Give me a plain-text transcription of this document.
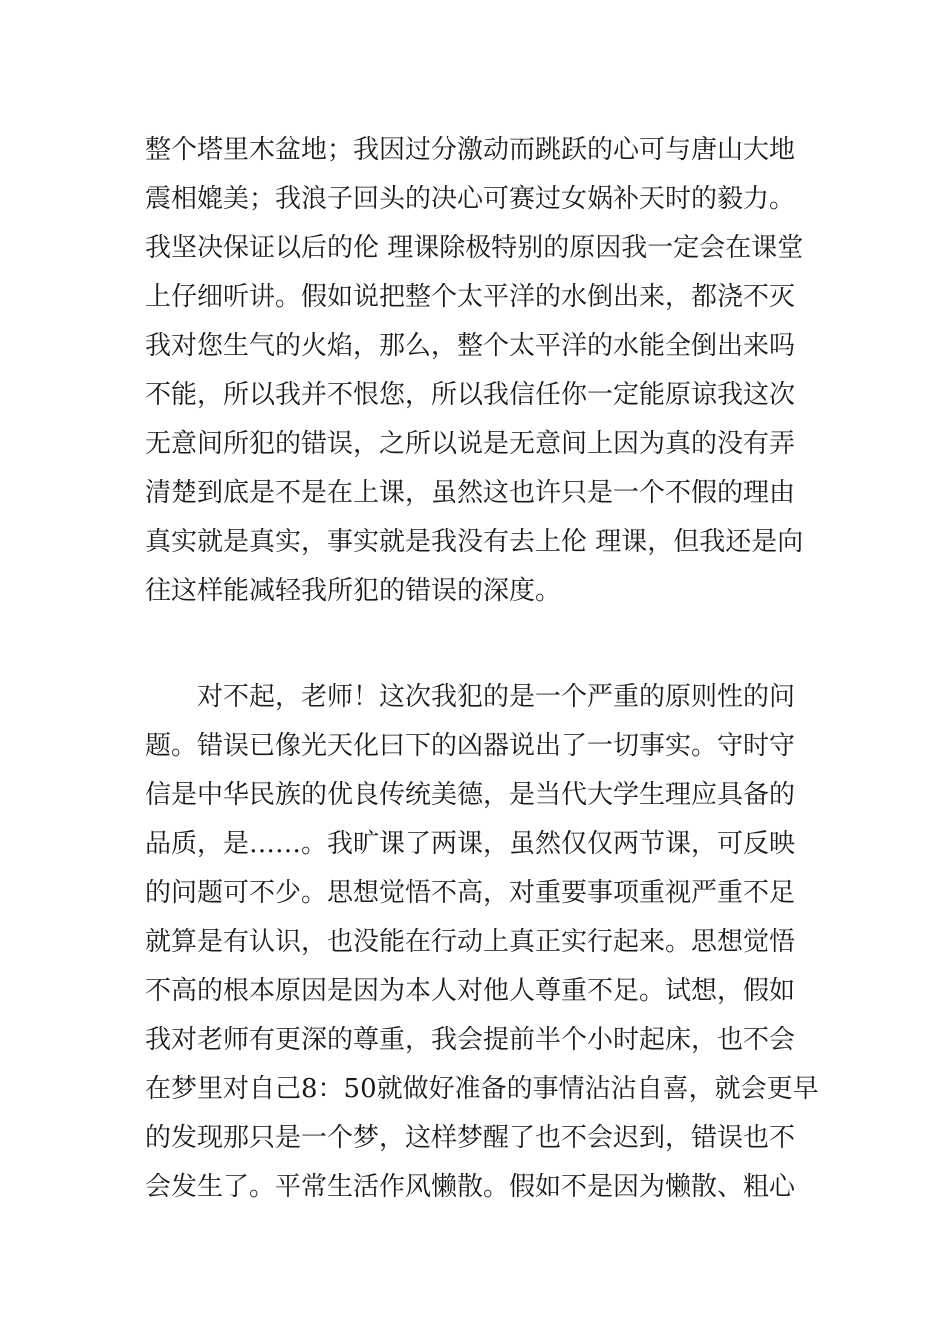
整个塔里木盆地；我因过分激动而跳跃的心可与唐山大地
震相媲美；我浪子回头的决心可赛过女娲补天时的毅力。
我坚决保证以后的伦 理课除极特别的原因我一定会在课堂
上仔细听讲。假如说把整个太平洋的水倒出来，都浇不灭
我对您生气的火焰，那么，整个太平洋的水能全倒出来吗
不能，所以我并不恨您，所以我信任你一定能原谅我这次
无意间所犯的错误，之所以说是无意间上因为真的没有弄
清楚到底是不是在上课，虽然这也许只是一个不假的理由
真实就是真实，事实就是我没有去上伦 理课，但我还是向
往这样能减轻我所犯的错误的深度。
对不起，老师！这次我犯的是一个严重的原则性的问
题。错误已像光天化曰下的凶器说出了一切事实。守时守
信是中华民族的优良传统美德，是当代大学生理应具备的
品质，是……。我旷课了两课，虽然仅仅两节课，可反映
的问题可不少。思想觉悟不高，对重要事项重视严重不足
就算是有认识，也没能在行动上真正实行起来。思想觉悟
不高的根本原因是因为本人对他人尊重不足。试想，假如
我对老师有更深的尊重，我会提前半个小时起床，也不会
在梦里对自己8：50就做好准备的事情沾沾自喜，就会更早
的发现那只是一个梦，这样梦醒了也不会迟到，错误也不
会发生了。平常生活作风懒散。假如不是因为懒散、粗心
